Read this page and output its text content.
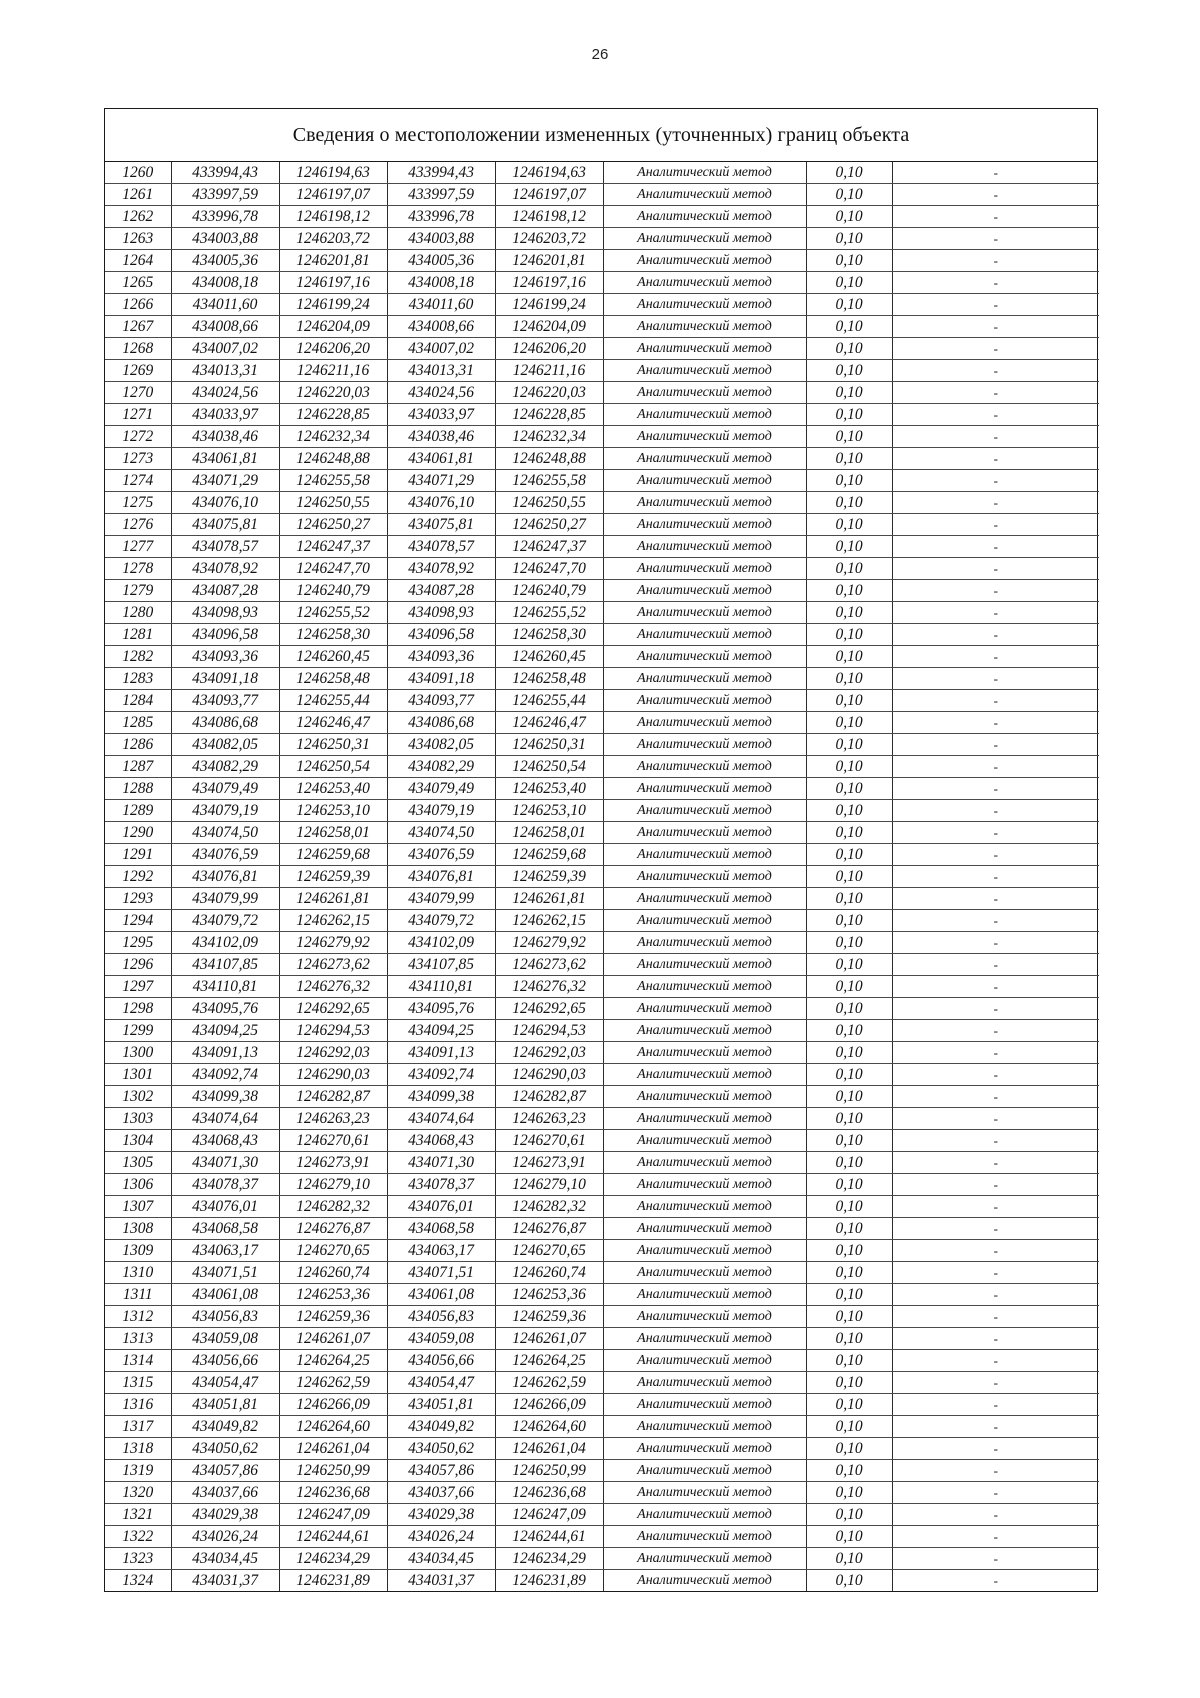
26
Сведения о местоположении измененных (уточненных) границ объекта
1260	433994,43	1246194,63	433994,43	1246194,63	Аналитический метод	0,10	-
1261	433997,59	1246197,07	433997,59	1246197,07	Аналитический метод	0,10	-
1262	433996,78	1246198,12	433996,78	1246198,12	Аналитический метод	0,10	-
1263	434003,88	1246203,72	434003,88	1246203,72	Аналитический метод	0,10	-
1264	434005,36	1246201,81	434005,36	1246201,81	Аналитический метод	0,10	-
1265	434008,18	1246197,16	434008,18	1246197,16	Аналитический метод	0,10	-
1266	434011,60	1246199,24	434011,60	1246199,24	Аналитический метод	0,10	-
1267	434008,66	1246204,09	434008,66	1246204,09	Аналитический метод	0,10	-
1268	434007,02	1246206,20	434007,02	1246206,20	Аналитический метод	0,10	-
1269	434013,31	1246211,16	434013,31	1246211,16	Аналитический метод	0,10	-
1270	434024,56	1246220,03	434024,56	1246220,03	Аналитический метод	0,10	-
1271	434033,97	1246228,85	434033,97	1246228,85	Аналитический метод	0,10	-
1272	434038,46	1246232,34	434038,46	1246232,34	Аналитический метод	0,10	-
1273	434061,81	1246248,88	434061,81	1246248,88	Аналитический метод	0,10	-
1274	434071,29	1246255,58	434071,29	1246255,58	Аналитический метод	0,10	-
1275	434076,10	1246250,55	434076,10	1246250,55	Аналитический метод	0,10	-
1276	434075,81	1246250,27	434075,81	1246250,27	Аналитический метод	0,10	-
1277	434078,57	1246247,37	434078,57	1246247,37	Аналитический метод	0,10	-
1278	434078,92	1246247,70	434078,92	1246247,70	Аналитический метод	0,10	-
1279	434087,28	1246240,79	434087,28	1246240,79	Аналитический метод	0,10	-
1280	434098,93	1246255,52	434098,93	1246255,52	Аналитический метод	0,10	-
1281	434096,58	1246258,30	434096,58	1246258,30	Аналитический метод	0,10	-
1282	434093,36	1246260,45	434093,36	1246260,45	Аналитический метод	0,10	-
1283	434091,18	1246258,48	434091,18	1246258,48	Аналитический метод	0,10	-
1284	434093,77	1246255,44	434093,77	1246255,44	Аналитический метод	0,10	-
1285	434086,68	1246246,47	434086,68	1246246,47	Аналитический метод	0,10	-
1286	434082,05	1246250,31	434082,05	1246250,31	Аналитический метод	0,10	-
1287	434082,29	1246250,54	434082,29	1246250,54	Аналитический метод	0,10	-
1288	434079,49	1246253,40	434079,49	1246253,40	Аналитический метод	0,10	-
1289	434079,19	1246253,10	434079,19	1246253,10	Аналитический метод	0,10	-
1290	434074,50	1246258,01	434074,50	1246258,01	Аналитический метод	0,10	-
1291	434076,59	1246259,68	434076,59	1246259,68	Аналитический метод	0,10	-
1292	434076,81	1246259,39	434076,81	1246259,39	Аналитический метод	0,10	-
1293	434079,99	1246261,81	434079,99	1246261,81	Аналитический метод	0,10	-
1294	434079,72	1246262,15	434079,72	1246262,15	Аналитический метод	0,10	-
1295	434102,09	1246279,92	434102,09	1246279,92	Аналитический метод	0,10	-
1296	434107,85	1246273,62	434107,85	1246273,62	Аналитический метод	0,10	-
1297	434110,81	1246276,32	434110,81	1246276,32	Аналитический метод	0,10	-
1298	434095,76	1246292,65	434095,76	1246292,65	Аналитический метод	0,10	-
1299	434094,25	1246294,53	434094,25	1246294,53	Аналитический метод	0,10	-
1300	434091,13	1246292,03	434091,13	1246292,03	Аналитический метод	0,10	-
1301	434092,74	1246290,03	434092,74	1246290,03	Аналитический метод	0,10	-
1302	434099,38	1246282,87	434099,38	1246282,87	Аналитический метод	0,10	-
1303	434074,64	1246263,23	434074,64	1246263,23	Аналитический метод	0,10	-
1304	434068,43	1246270,61	434068,43	1246270,61	Аналитический метод	0,10	-
1305	434071,30	1246273,91	434071,30	1246273,91	Аналитический метод	0,10	-
1306	434078,37	1246279,10	434078,37	1246279,10	Аналитический метод	0,10	-
1307	434076,01	1246282,32	434076,01	1246282,32	Аналитический метод	0,10	-
1308	434068,58	1246276,87	434068,58	1246276,87	Аналитический метод	0,10	-
1309	434063,17	1246270,65	434063,17	1246270,65	Аналитический метод	0,10	-
1310	434071,51	1246260,74	434071,51	1246260,74	Аналитический метод	0,10	-
1311	434061,08	1246253,36	434061,08	1246253,36	Аналитический метод	0,10	-
1312	434056,83	1246259,36	434056,83	1246259,36	Аналитический метод	0,10	-
1313	434059,08	1246261,07	434059,08	1246261,07	Аналитический метод	0,10	-
1314	434056,66	1246264,25	434056,66	1246264,25	Аналитический метод	0,10	-
1315	434054,47	1246262,59	434054,47	1246262,59	Аналитический метод	0,10	-
1316	434051,81	1246266,09	434051,81	1246266,09	Аналитический метод	0,10	-
1317	434049,82	1246264,60	434049,82	1246264,60	Аналитический метод	0,10	-
1318	434050,62	1246261,04	434050,62	1246261,04	Аналитический метод	0,10	-
1319	434057,86	1246250,99	434057,86	1246250,99	Аналитический метод	0,10	-
1320	434037,66	1246236,68	434037,66	1246236,68	Аналитический метод	0,10	-
1321	434029,38	1246247,09	434029,38	1246247,09	Аналитический метод	0,10	-
1322	434026,24	1246244,61	434026,24	1246244,61	Аналитический метод	0,10	-
1323	434034,45	1246234,29	434034,45	1246234,29	Аналитический метод	0,10	-
1324	434031,37	1246231,89	434031,37	1246231,89	Аналитический метод	0,10	-
